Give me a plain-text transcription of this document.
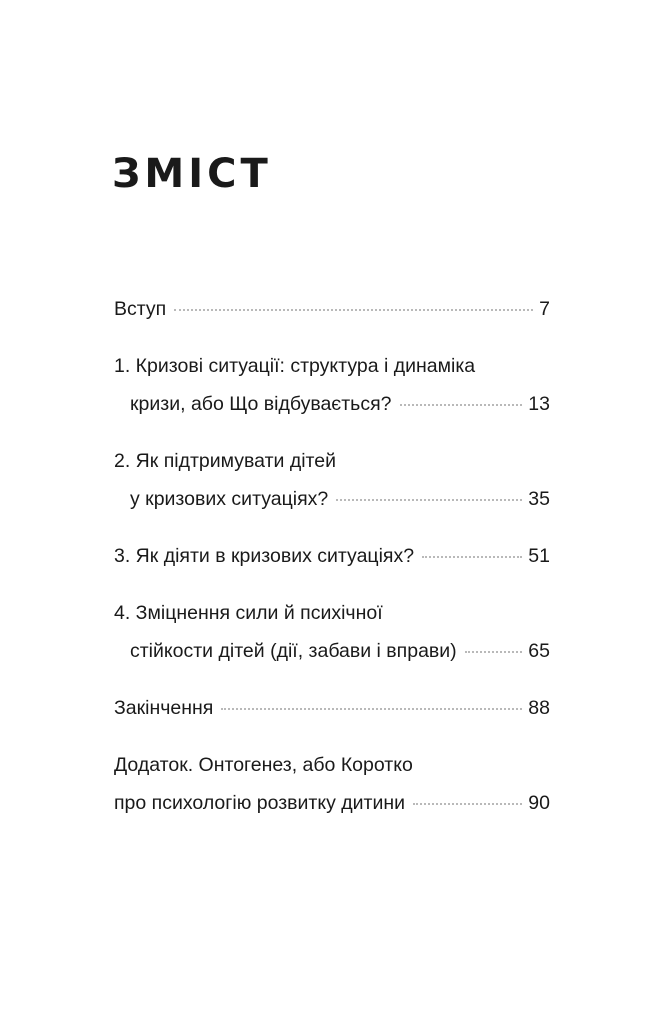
ЗМІСТ
Вступ	7
1. Кризові ситуації: структура і динаміка
кризи, або Що відбувається?	13
2. Як підтримувати дітей
у кризових ситуаціях?	35
3. Як діяти в кризових ситуаціях?	51
4. Зміцнення сили й психічної
стійкости дітей (дії, забави і вправи)	65
Закінчення	88
Додаток. Онтогенез, або Коротко
про психологію розвитку дитини	90
